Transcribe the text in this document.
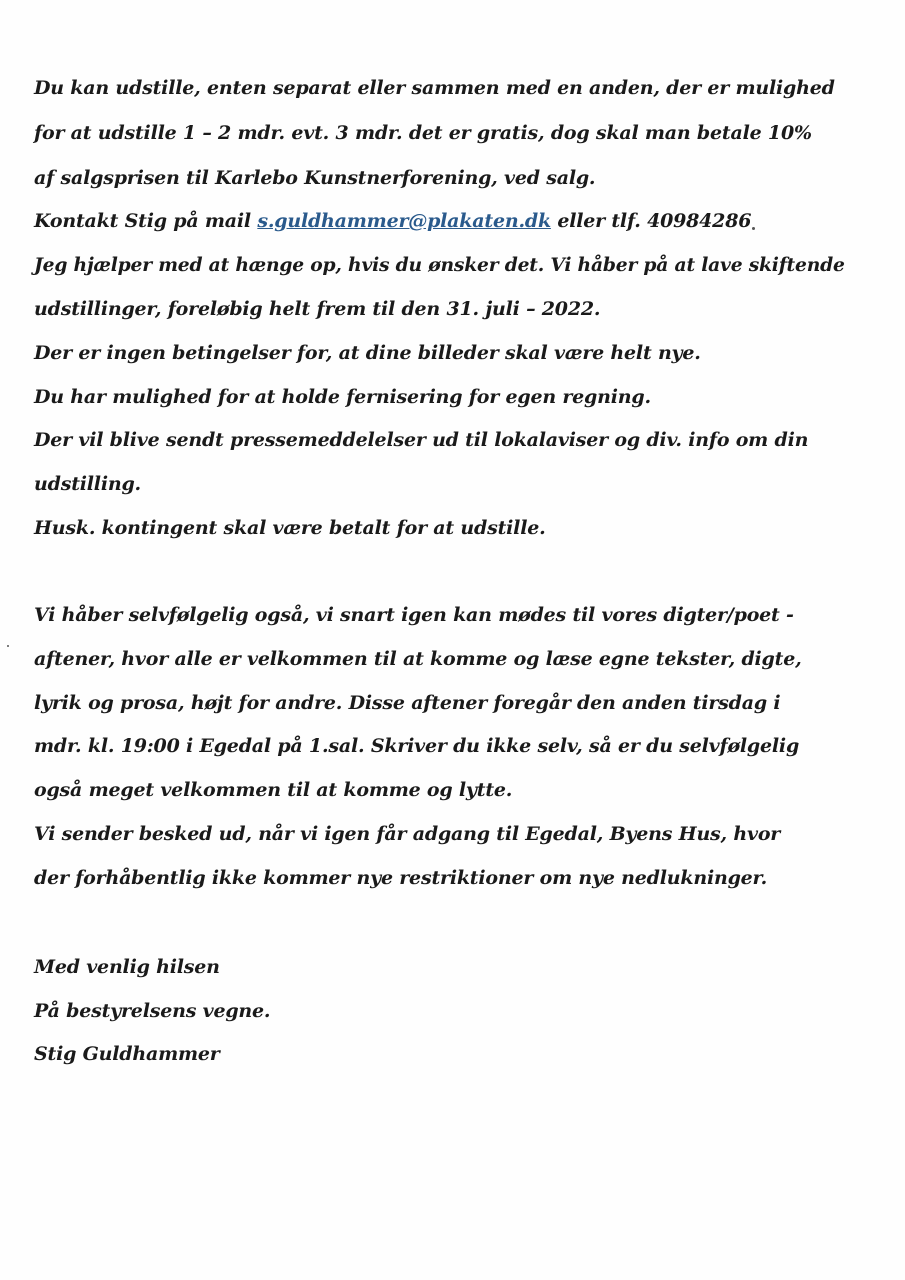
Du kan udstille, enten separat eller sammen med en anden, der er mulighed
for at udstille 1 – 2 mdr. evt. 3 mdr. det er gratis, dog skal man betale 10%
af salgsprisen til Karlebo Kunstnerforening, ved salg.
Kontakt Stig på mail s.guldhammer@plakaten.dk eller tlf. 40984286
Jeg hjælper med at hænge op, hvis du ønsker det. Vi håber på at lave skiftende
udstillinger, foreløbig helt frem til den 31. juli – 2022.
Der er ingen betingelser for, at dine billeder skal være helt nye.
Du har mulighed for at holde fernisering for egen regning.
Der vil blive sendt pressemeddelelser ud til lokalaviser og div. info om din
udstilling.
Husk. kontingent skal være betalt for at udstille.
Vi håber selvfølgelig også, vi snart igen kan mødes til vores digter/poet -
aftener, hvor alle er velkommen til at komme og læse egne tekster, digte,
lyrik og prosa, højt for andre. Disse aftener foregår den anden tirsdag i
mdr. kl. 19:00 i Egedal på 1.sal. Skriver du ikke selv, så er du selvfølgelig
også meget velkommen til at komme og lytte.
Vi sender besked ud, når vi igen får adgang til Egedal, Byens Hus, hvor
der forhåbentlig ikke kommer nye restriktioner om nye nedlukninger.
Med venlig hilsen
På bestyrelsens vegne.
Stig Guldhammer
